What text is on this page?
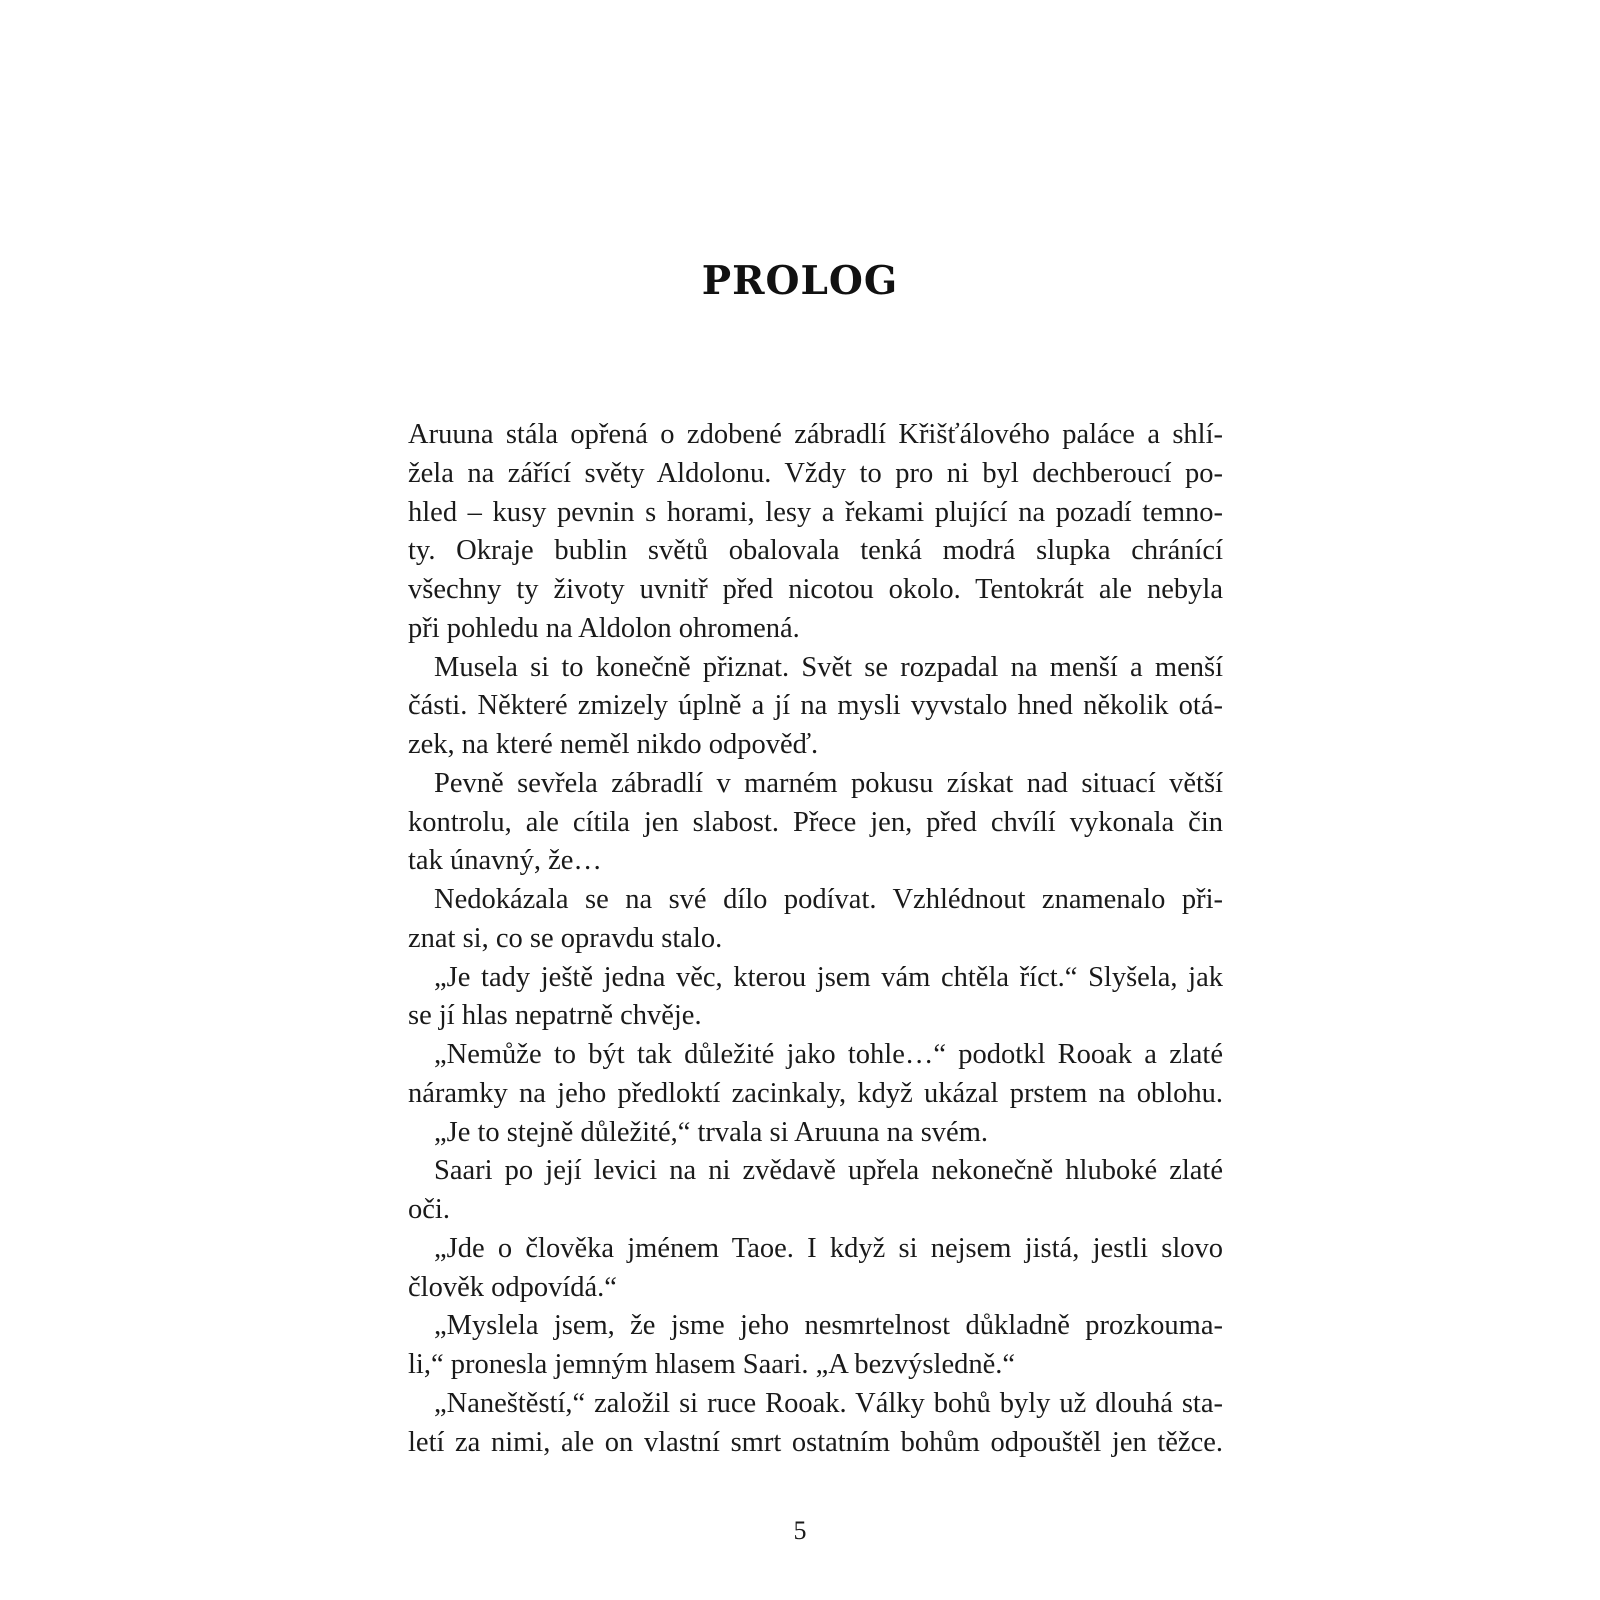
PROLOG
Aruuna stála opřená o zdobené zábradlí Křišťálového paláce a shlí-
žela na zářící světy Aldolonu. Vždy to pro ni byl dechberoucí po-
hled – kusy pevnin s horami, lesy a řekami plující na pozadí temno-
ty. Okraje bublin světů obalovala tenká modrá slupka chránící
všechny ty životy uvnitř před nicotou okolo. Tentokrát ale nebyla
při pohledu na Aldolon ohromená.
Musela si to konečně přiznat. Svět se rozpadal na menší a menší
části. Některé zmizely úplně a jí na mysli vyvstalo hned několik otá-
zek, na které neměl nikdo odpověď.
Pevně sevřela zábradlí v marném pokusu získat nad situací větší
kontrolu, ale cítila jen slabost. Přece jen, před chvílí vykonala čin
tak únavný, že…
Nedokázala se na své dílo podívat. Vzhlédnout znamenalo při-
znat si, co se opravdu stalo.
„Je tady ještě jedna věc, kterou jsem vám chtěla říct.“ Slyšela, jak
se jí hlas nepatrně chvěje.
„Nemůže to být tak důležité jako tohle…“ podotkl Rooak a zlaté
náramky na jeho předloktí zacinkaly, když ukázal prstem na oblohu.
„Je to stejně důležité,“ trvala si Aruuna na svém.
Saari po její levici na ni zvědavě upřela nekonečně hluboké zlaté
oči.
„Jde o člověka jménem Taoe. I když si nejsem jistá, jestli slovo
člověk odpovídá.“
„Myslela jsem, že jsme jeho nesmrtelnost důkladně prozkouma-
li,“ pronesla jemným hlasem Saari. „A bezvýsledně.“
„Naneštěstí,“ založil si ruce Rooak. Války bohů byly už dlouhá sta-
letí za nimi, ale on vlastní smrt ostatním bohům odpouštěl jen těžce.
5
